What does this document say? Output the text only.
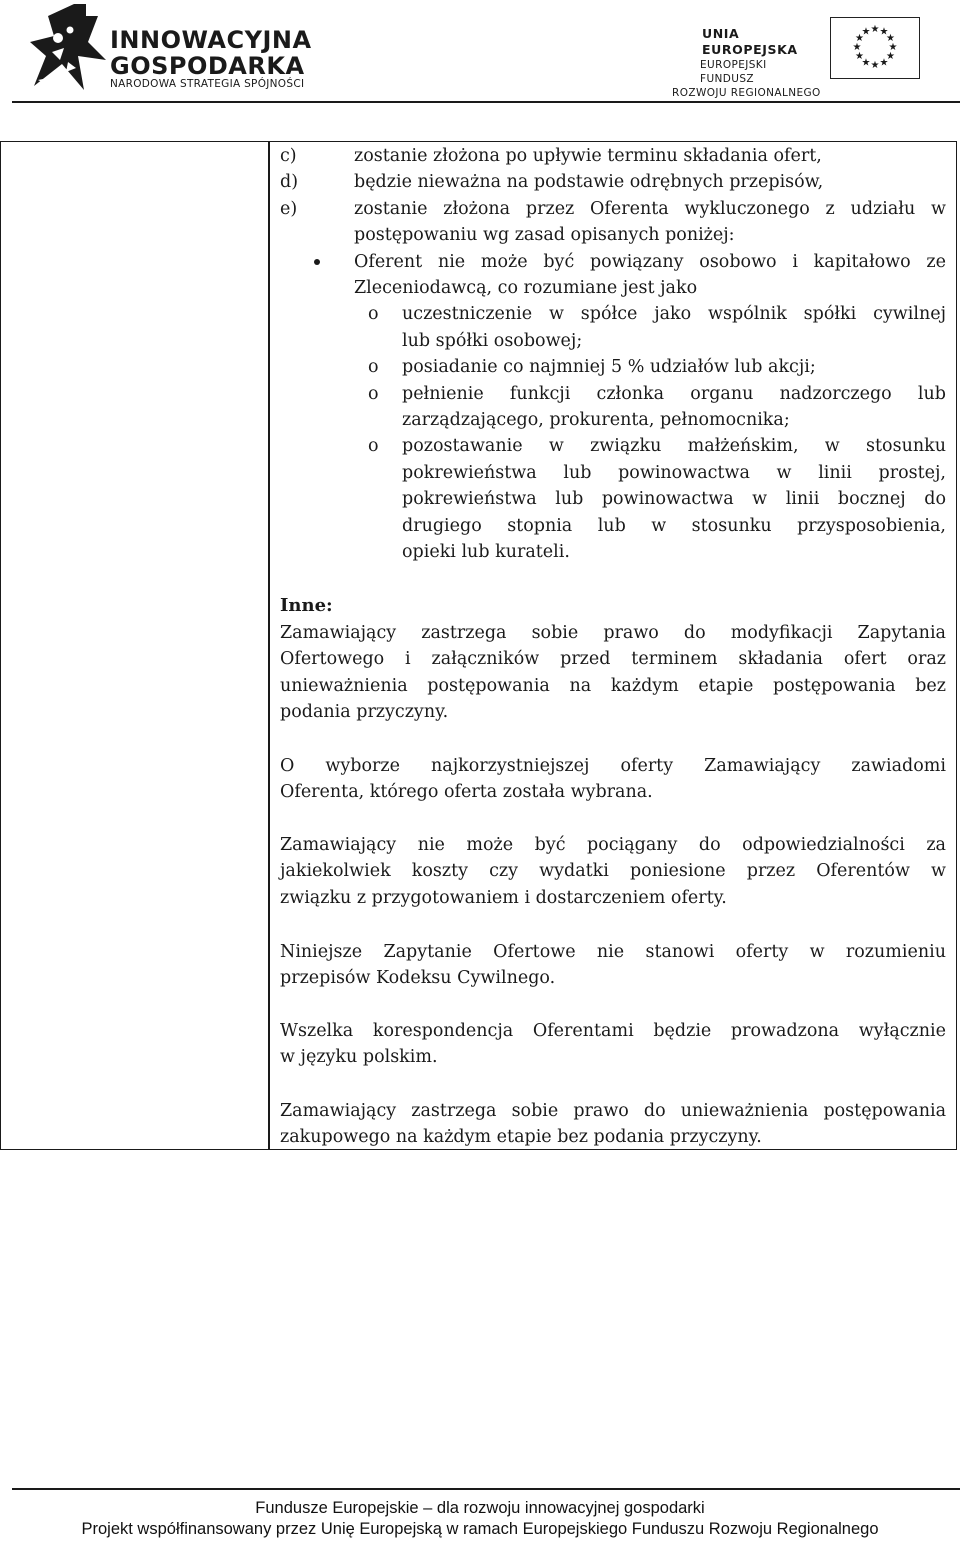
INNOWACYJNA
GOSPODARKA
NARODOWA STRATEGIA SPÓJNOŚCI
UNIA EUROPEJSKA
EUROPEJSKI FUNDUSZ
ROZWOJU REGIONALNEGO
★ ★
★
★
★
★
★
★
★
★
★
★
c)	zostanie złożona po upływie terminu składania ofert,
d)	będzie nieważna na podstawie odrębnych przepisów,
e)	zostanie złożona przez Oferenta wykluczonego z udziału w
postępowaniu wg zasad opisanych poniżej:
Oferent nie może być powiązany osobowo i kapitałowo ze
Zleceniodawcą, co rozumiane jest jako
o uczestniczenie w spółce jako wspólnik spółki cywilnej
lub spółki osobowej;
o posiadanie co najmniej 5 % udziałów lub akcji;
o pełnienie funkcji członka organu nadzorczego lub
zarządzającego, prokurenta, pełnomocnika;
o pozostawanie w związku małżeńskim, w stosunku
pokrewieństwa lub powinowactwa w linii prostej,
pokrewieństwa lub powinowactwa w linii bocznej do
drugiego stopnia lub w stosunku przysposobienia,
opieki lub kurateli.
Inne:
Zamawiający zastrzega sobie prawo do modyfikacji Zapytania
Ofertowego i załączników przed terminem składania ofert oraz
unieważnienia postępowania na każdym etapie postępowania bez
podania przyczyny.
O wyborze najkorzystniejszej oferty Zamawiający zawiadomi
Oferenta, którego oferta została wybrana.
Zamawiający nie może być pociągany do odpowiedzialności za
jakiekolwiek koszty czy wydatki poniesione przez Oferentów w
związku z przygotowaniem i dostarczeniem oferty.
Niniejsze Zapytanie Ofertowe nie stanowi oferty w rozumieniu
przepisów Kodeksu Cywilnego.
Wszelka korespondencja Oferentami będzie prowadzona wyłącznie
w języku polskim.
Zamawiający zastrzega sobie prawo do unieważnienia postępowania
zakupowego na każdym etapie bez podania przyczyny.
Fundusze Europejskie – dla rozwoju innowacyjnej gospodarki
Projekt współfinansowany przez Unię Europejską w ramach Europejskiego Funduszu Rozwoju Regionalnego
